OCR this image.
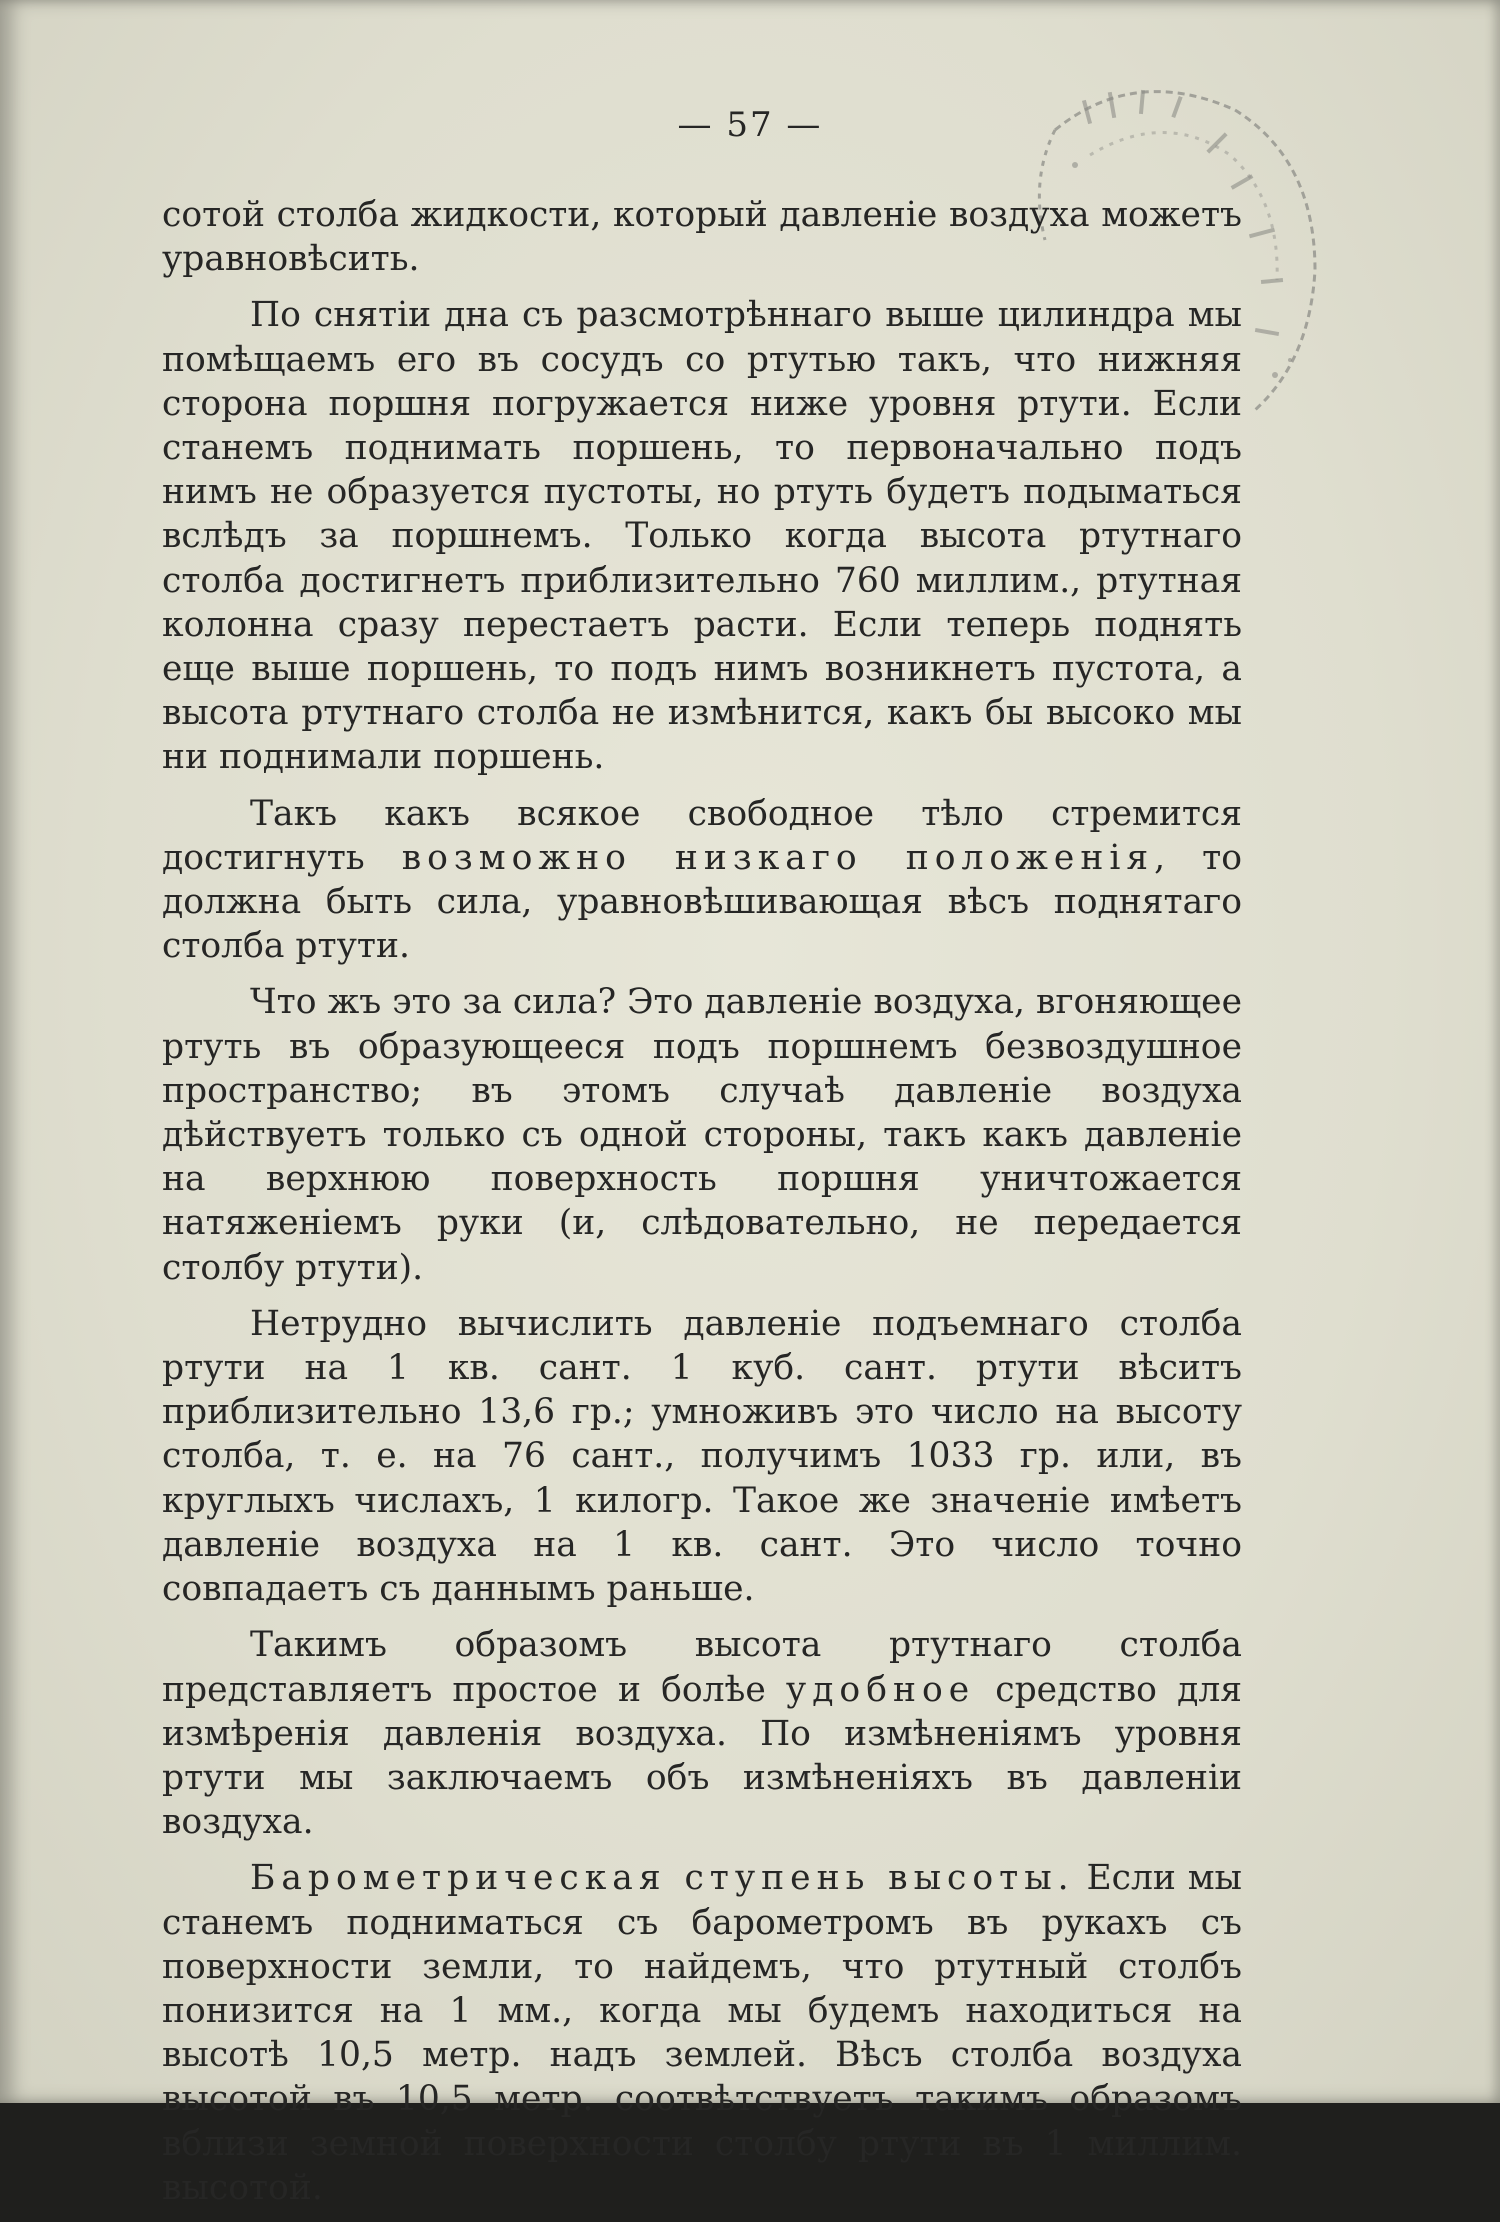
— 57 —

сотой столба жидкости, который давленіе воздуха можетъ уравновѣсить.

По снятіи дна съ разсмотрѣннаго выше цилиндра мы помѣщаемъ его въ сосудъ со ртутью такъ, что нижняя сторона поршня погружается ниже уровня ртути. Если станемъ поднимать поршень, то первоначально подъ нимъ не образуется пустоты, но ртуть будетъ подыматься вслѣдъ за поршнемъ. Только когда высота ртутнаго столба достигнетъ приблизительно 760 миллим., ртутная колонна сразу перестаетъ расти. Если теперь поднять еще выше поршень, то подъ нимъ возникнетъ пустота, а высота ртутнаго столба не измѣнится, какъ бы высоко мы ни поднимали поршень.

Такъ какъ всякое свободное тѣло стремится достигнуть возможно низкаго положенія, то должна быть сила, уравновѣшивающая вѣсъ поднятаго столба ртути.

Что жъ это за сила? Это давленіе воздуха, вгоняющее ртуть въ образующееся подъ поршнемъ безвоздушное пространство; въ этомъ случаѣ давленіе воздуха дѣйствуетъ только съ одной стороны, такъ какъ давленіе на верхнюю поверхность поршня уничтожается натяженіемъ руки (и, слѣдовательно, не передается столбу ртути).

Нетрудно вычислить давленіе подъемнаго столба ртути на 1 кв. сант. 1 куб. сант. ртути вѣситъ приблизительно 13,6 гр.; умноживъ это число на высоту столба, т. е. на 76 сант., получимъ 1033 гр. или, въ круглыхъ числахъ, 1 килогр. Такое же значеніе имѣетъ давленіе воздуха на 1 кв. сант. Это число точно совпадаетъ съ даннымъ раньше.

Такимъ образомъ высота ртутнаго столба представляетъ простое и болѣе удобное средство для измѣренія давленія воздуха. По измѣненіямъ уровня ртути мы заключаемъ объ измѣненіяхъ въ давленіи воздуха.

Барометрическая ступень высоты. Если мы станемъ подниматься съ барометромъ въ рукахъ съ поверхности земли, то найдемъ, что ртутный столбъ понизится на 1 мм., когда мы будемъ находиться на высотѣ 10,5 метр. надъ землей. Вѣсъ столба воздуха высотой въ 10,5 метр. соотвѣтствуетъ такимъ образомъ вблизи земной поверхности столбу ртути въ 1 миллим. высотой.
